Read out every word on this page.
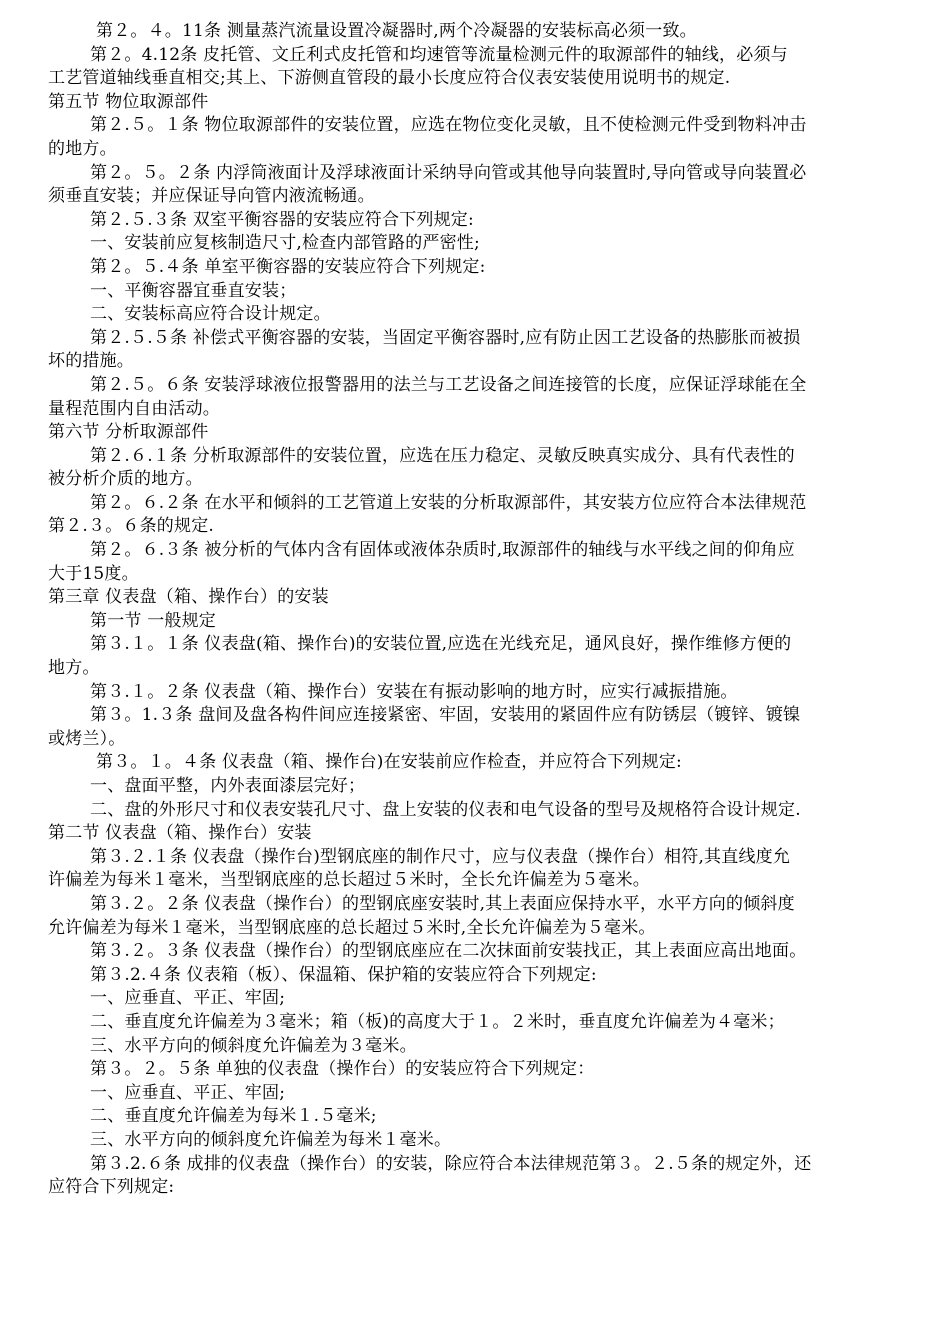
第２。４。11条 测量蒸汽流量设置冷凝器时,两个冷凝器的安装标高必须一致。
第２。4.12条 皮托管、文丘利式皮托管和均速管等流量检测元件的取源部件的轴线，必须与
工艺管道轴线垂直相交;其上、下游侧直管段的最小长度应符合仪表安装使用说明书的规定.
第五节 物位取源部件
第２.５。１条 物位取源部件的安装位置，应选在物位变化灵敏，且不使检测元件受到物料冲击
的地方。
第２。５。２条 内浮筒液面计及浮球液面计采纳导向管或其他导向装置时,导向管或导向装置必
须垂直安装；并应保证导向管内液流畅通。
第２.５.３条 双室平衡容器的安装应符合下列规定:
一、安装前应复核制造尺寸,检查内部管路的严密性;
第２。５.４条 单室平衡容器的安装应符合下列规定:
一、平衡容器宜垂直安装；
二、安装标高应符合设计规定。
第２.５.５条 补偿式平衡容器的安装，当固定平衡容器时,应有防止因工艺设备的热膨胀而被损
坏的措施。
第２.５。６条 安装浮球液位报警器用的法兰与工艺设备之间连接管的长度，应保证浮球能在全
量程范围内自由活动。
第六节 分析取源部件
第２.６.１条 分析取源部件的安装位置，应选在压力稳定、灵敏反映真实成分、具有代表性的
被分析介质的地方。
第２。６.２条 在水平和倾斜的工艺管道上安装的分析取源部件，其安装方位应符合本法律规范
第２.３。６条的规定.
第２。６.３条 被分析的气体内含有固体或液体杂质时,取源部件的轴线与水平线之间的仰角应
大于15度。
第三章 仪表盘（箱、操作台）的安装
第一节 一般规定
第３.１。１条 仪表盘(箱、操作台)的安装位置,应选在光线充足，通风良好，操作维修方便的
地方。
第３.１。２条 仪表盘（箱、操作台）安装在有振动影响的地方时，应实行减振措施。
第３。1.３条 盘间及盘各构件间应连接紧密、牢固，安装用的紧固件应有防锈层（镀锌、镀镍
或烤兰）。
第３。１。４条 仪表盘（箱、操作台)在安装前应作检查，并应符合下列规定:
一、盘面平整，内外表面漆层完好；
二、盘的外形尺寸和仪表安装孔尺寸、盘上安装的仪表和电气设备的型号及规格符合设计规定.
第二节 仪表盘（箱、操作台）安装
第３.２.１条 仪表盘（操作台)型钢底座的制作尺寸，应与仪表盘（操作台）相符,其直线度允
许偏差为每米１毫米，当型钢底座的总长超过５米时，全长允许偏差为５毫米。
第３.２。２条 仪表盘（操作台）的型钢底座安装时,其上表面应保持水平，水平方向的倾斜度
允许偏差为每米１毫米，当型钢底座的总长超过５米时,全长允许偏差为５毫米。
第３.２。３条 仪表盘（操作台）的型钢底座应在二次抹面前安装找正，其上表面应高出地面。
第３.2.４条 仪表箱（板）、保温箱、保护箱的安装应符合下列规定:
一、应垂直、平正、牢固;
二、垂直度允许偏差为３毫米；箱（板)的高度大于１。２米时，垂直度允许偏差为４毫米；
三、水平方向的倾斜度允许偏差为３毫米。
第３。２。５条 单独的仪表盘（操作台）的安装应符合下列规定：
一、应垂直、平正、牢固;
二、垂直度允许偏差为每米１.５毫米;
三、水平方向的倾斜度允许偏差为每米１毫米。
第３.2.６条 成排的仪表盘（操作台）的安装，除应符合本法律规范第３。２.５条的规定外，还
应符合下列规定:
